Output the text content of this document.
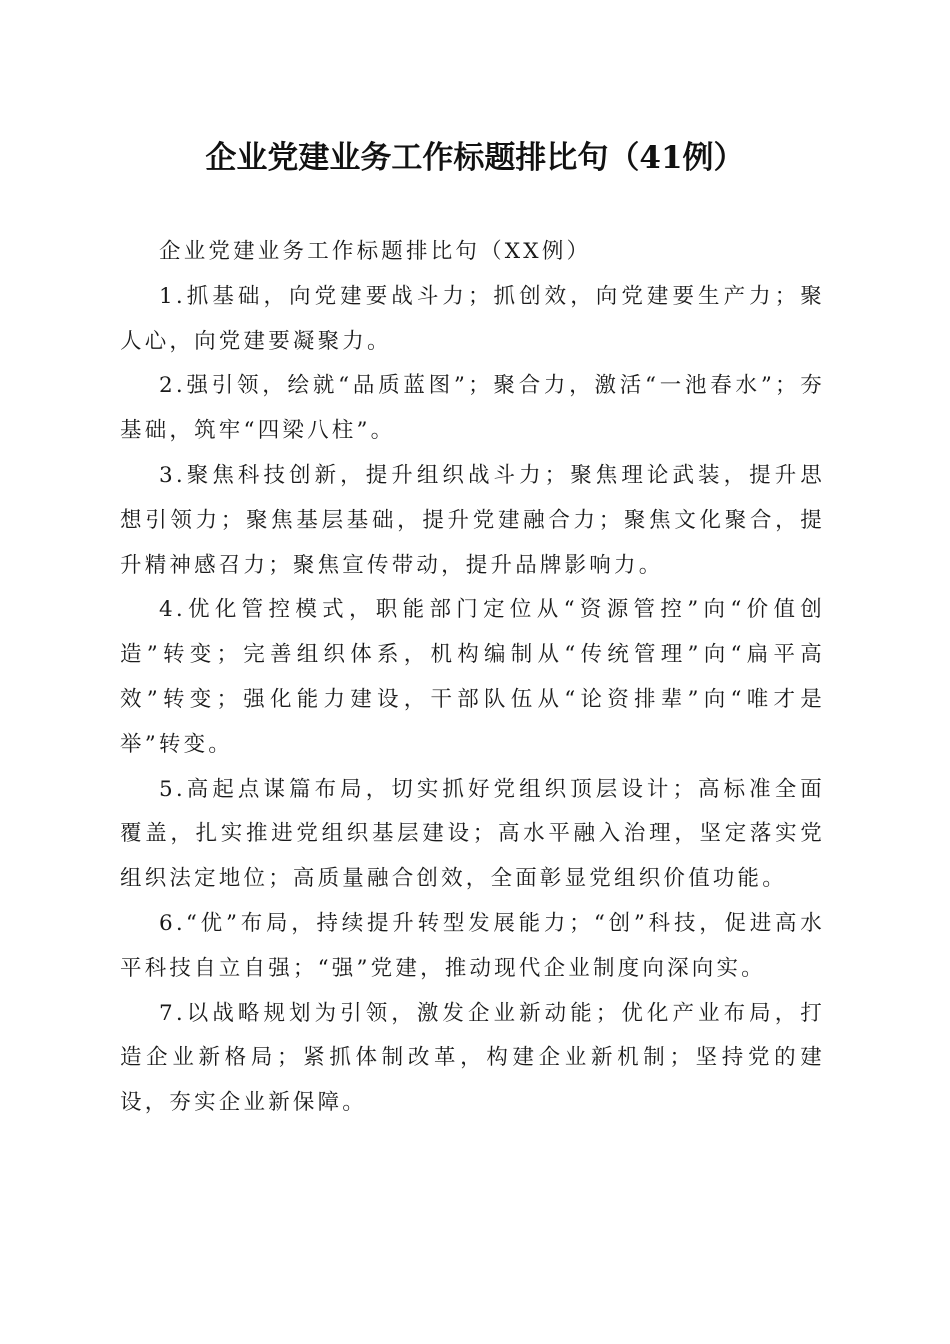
企业党建业务工作标题排比句（41例）

企业党建业务工作标题排比句（XX例）

1.抓基础，向党建要战斗力；抓创效，向党建要生产力；聚人心，向党建要凝聚力。

2.强引领，绘就“品质蓝图”；聚合力，激活“一池春水”；夯基础，筑牢“四梁八柱”。

3.聚焦科技创新，提升组织战斗力；聚焦理论武装，提升思想引领力；聚焦基层基础，提升党建融合力；聚焦文化聚合，提升精神感召力；聚焦宣传带动，提升品牌影响力。

4.优化管控模式，职能部门定位从“资源管控”向“价值创造”转变；完善组织体系，机构编制从“传统管理”向“扁平高效”转变；强化能力建设，干部队伍从“论资排辈”向“唯才是举”转变。

5.高起点谋篇布局，切实抓好党组织顶层设计；高标准全面覆盖，扎实推进党组织基层建设；高水平融入治理，坚定落实党组织法定地位；高质量融合创效，全面彰显党组织价值功能。

6.“优”布局，持续提升转型发展能力；“创”科技，促进高水平科技自立自强；“强”党建，推动现代企业制度向深向实。

7.以战略规划为引领，激发企业新动能；优化产业布局，打造企业新格局；紧抓体制改革，构建企业新机制；坚持党的建设，夯实企业新保障。
